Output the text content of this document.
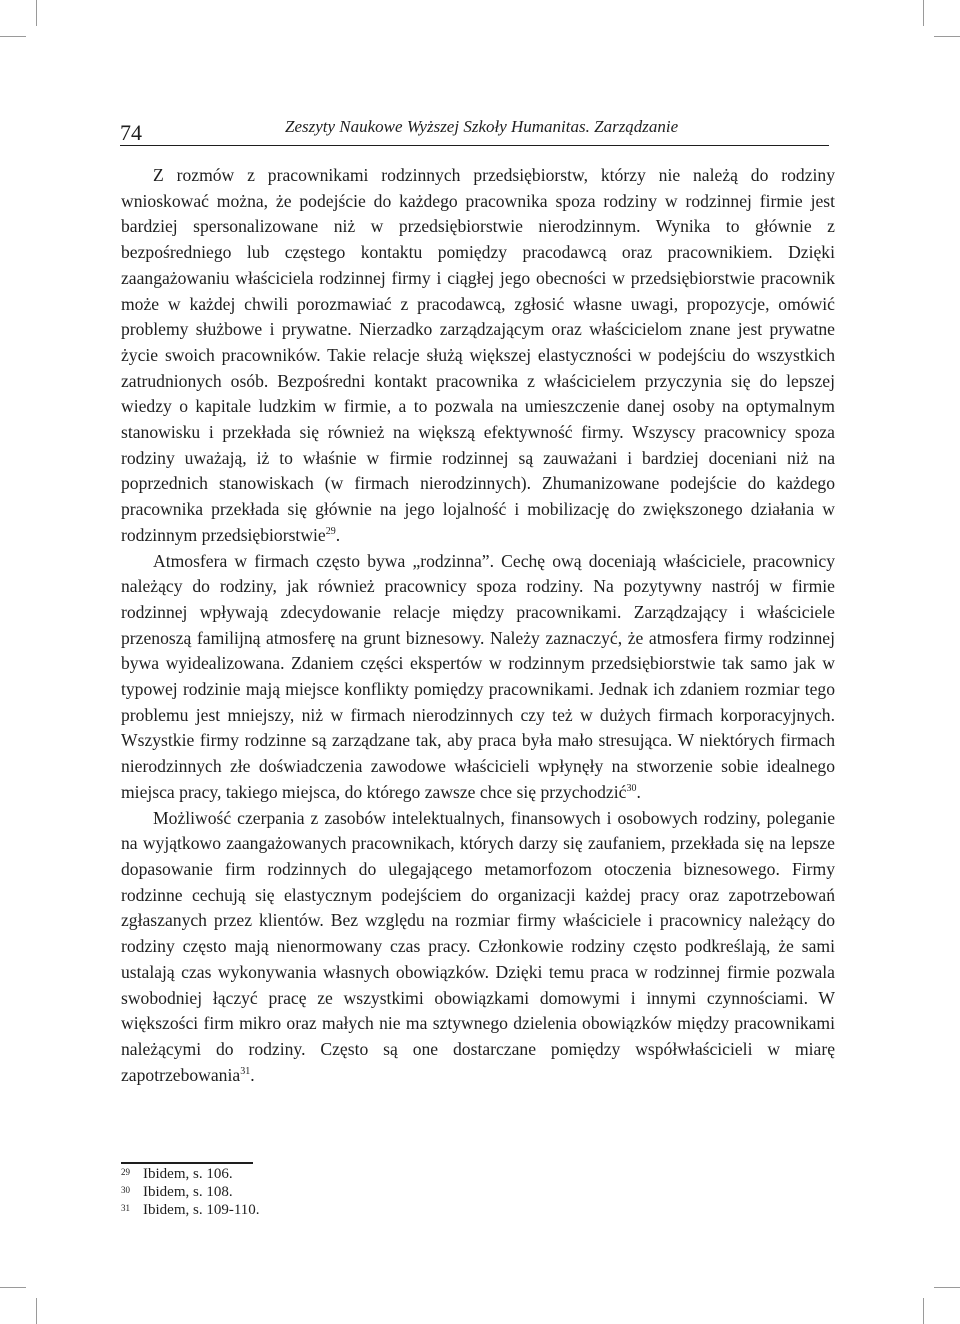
74	Zeszyty Naukowe Wyższej Szkoły Humanitas. Zarządzanie

Z rozmów z pracownikami rodzinnych przedsiębiorstw, którzy nie należą do rodziny wnioskować można, że podejście do każdego pracownika spoza rodziny w rodzinnej firmie jest bardziej spersonalizowane niż w przedsiębiorstwie nierodzinnym. Wynika to głównie z bezpośredniego lub częstego kontaktu pomiędzy pracodawcą oraz pracownikiem. Dzięki zaangażowaniu właściciela rodzinnej firmy i ciągłej jego obecności w przedsiębiorstwie pracownik może w każdej chwili porozmawiać z pracodawcą, zgłosić własne uwagi, propozycje, omówić problemy służbowe i prywatne. Nierzadko zarządzającym oraz właścicielom znane jest prywatne życie swoich pracowników. Takie relacje służą większej elastyczności w podejściu do wszystkich zatrudnionych osób. Bezpośredni kontakt pracownika z właścicielem przyczynia się do lepszej wiedzy o kapitale ludzkim w firmie, a to pozwala na umieszczenie danej osoby na optymalnym stanowisku i przekłada się również na większą efektywność firmy. Wszyscy pracownicy spoza rodziny uważają, iż to właśnie w firmie rodzinnej są zauważani i bardziej doceniani niż na poprzednich stanowiskach (w firmach nierodzinnych). Zhumanizowane podejście do każdego pracownika przekłada się głównie na jego lojalność i mobilizację do zwiększonego działania w rodzinnym przedsiębiorstwie$^{29}$.

Atmosfera w firmach często bywa „rodzinna”. Cechę ową doceniają właściciele, pracownicy należący do rodziny, jak również pracownicy spoza rodziny. Na pozytywny nastrój w firmie rodzinnej wpływają zdecydowanie relacje między pracownikami. Zarządzający i właściciele przenoszą familijną atmosferę na grunt biznesowy. Należy zaznaczyć, że atmosfera firmy rodzinnej bywa wyidealizowana. Zdaniem części ekspertów w rodzinnym przedsiębiorstwie tak samo jak w typowej rodzinie mają miejsce konflikty pomiędzy pracownikami. Jednak ich zdaniem rozmiar tego problemu jest mniejszy, niż w firmach nierodzinnych czy też w dużych firmach korporacyjnych. Wszystkie firmy rodzinne są zarządzane tak, aby praca była mało stresująca. W niektórych firmach nierodzinnych złe doświadczenia zawodowe właścicieli wpłynęły na stworzenie sobie idealnego miejsca pracy, takiego miejsca, do którego zawsze chce się przychodzić$^{30}$.

Możliwość czerpania z zasobów intelektualnych, finansowych i osobowych rodziny, poleganie na wyjątkowo zaangażowanych pracownikach, których darzy się zaufaniem, przekłada się na lepsze dopasowanie firm rodzinnych do ulegającego metamorfozom otoczenia biznesowego. Firmy rodzinne cechują się elastycznym podejściem do organizacji każdej pracy oraz zapotrzebowań zgłaszanych przez klientów. Bez względu na rozmiar firmy właściciele i pracownicy należący do rodziny często mają nienormowany czas pracy. Członkowie rodziny często podkreślają, że sami ustalają czas wykonywania własnych obowiązków. Dzięki temu praca w rodzinnej firmie pozwala swobodniej łączyć pracę ze wszystkimi obowiązkami domowymi i innymi czynnościami. W większości firm mikro oraz małych nie ma sztywnego dzielenia obowiązków między pracownikami należącymi do rodziny. Często są one dostarczane pomiędzy współwłaścicieli w miarę zapotrzebowania$^{31}$.

29 Ibidem, s. 106.
30 Ibidem, s. 108.
31 Ibidem, s. 109-110.
